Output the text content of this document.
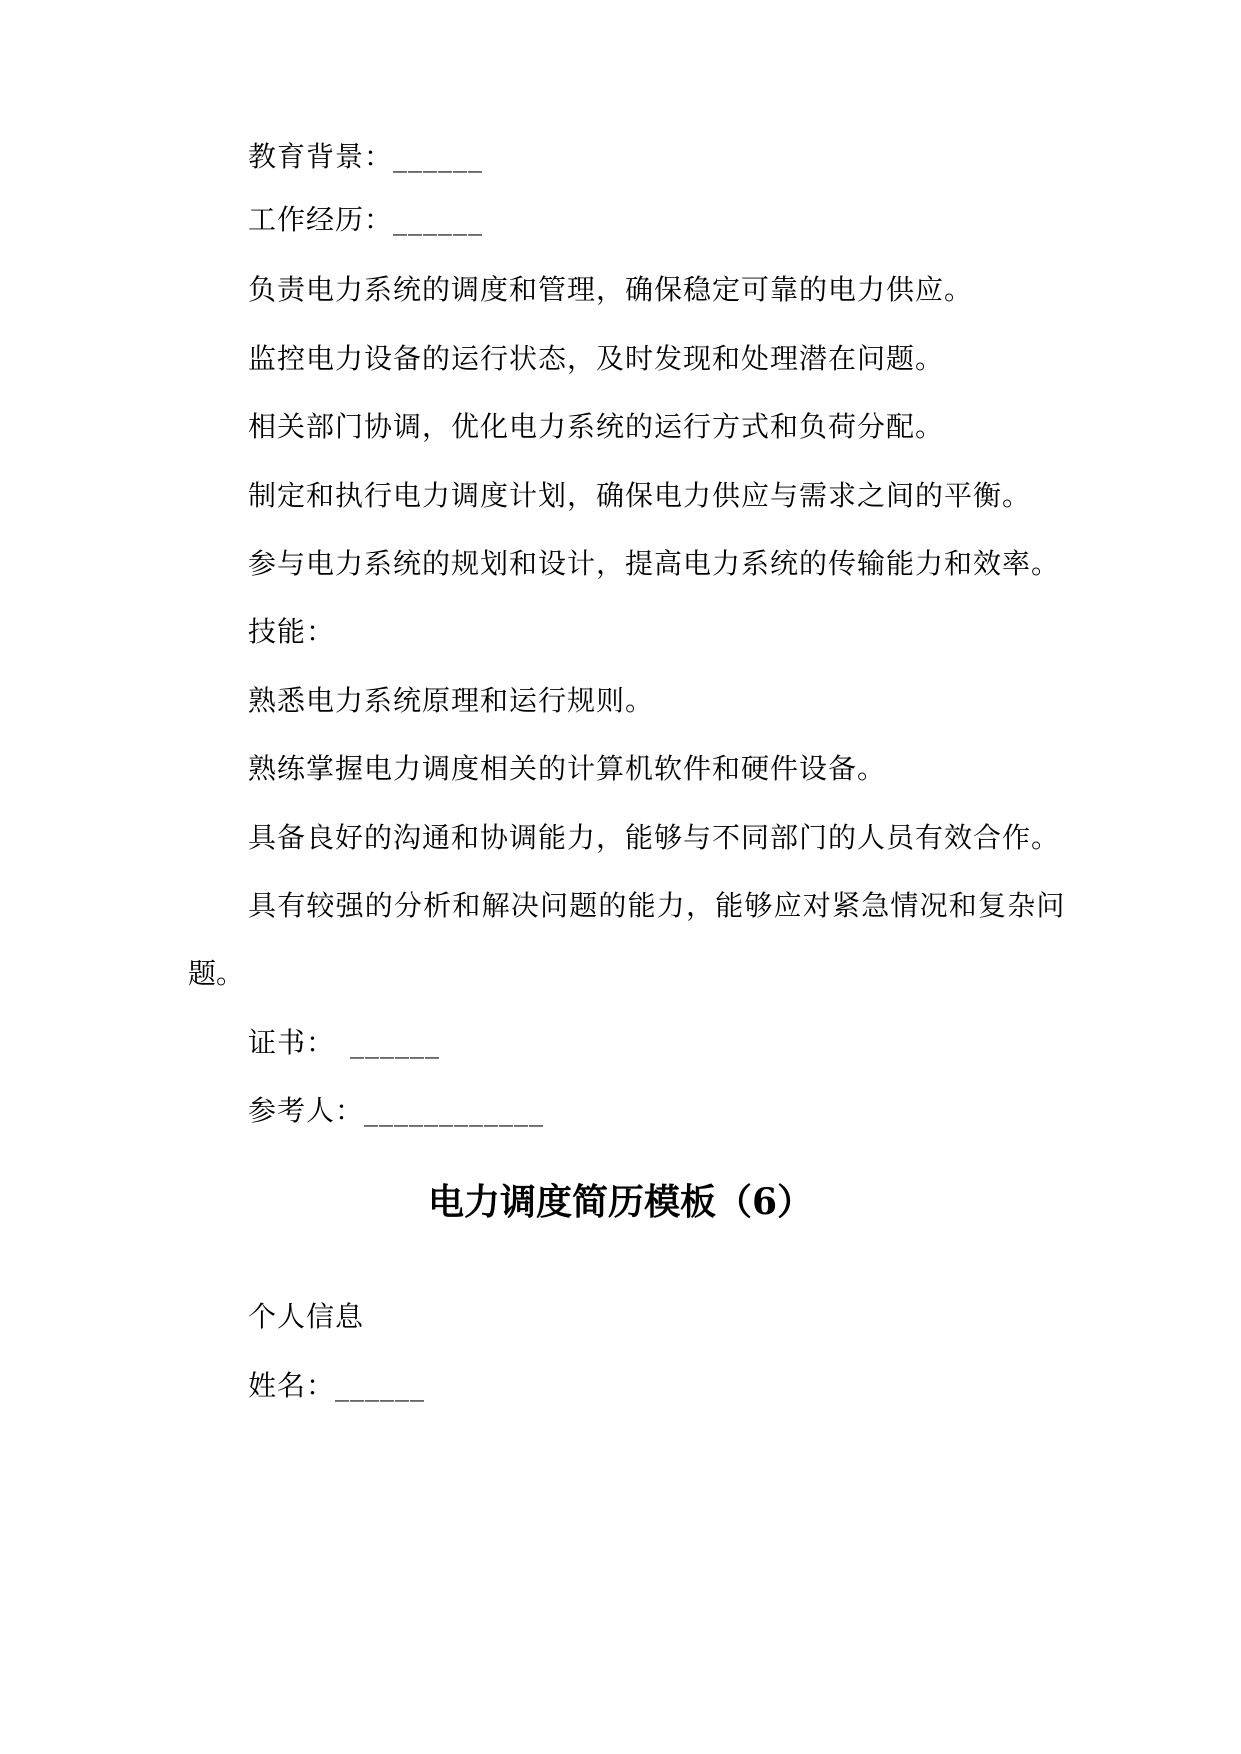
教育背景：______
工作经历：______
负责电力系统的调度和管理，确保稳定可靠的电力供应。
监控电力设备的运行状态，及时发现和处理潜在问题。
相关部门协调，优化电力系统的运行方式和负荷分配。
制定和执行电力调度计划，确保电力供应与需求之间的平衡。
参与电力系统的规划和设计，提高电力系统的传输能力和效率。
技能：
熟悉电力系统原理和运行规则。
熟练掌握电力调度相关的计算机软件和硬件设备。
具备良好的沟通和协调能力，能够与不同部门的人员有效合作。
具有较强的分析和解决问题的能力，能够应对紧急情况和复杂问
题。
证书：　______
参考人：____________
电力调度简历模板（6）
个人信息
姓名：______
